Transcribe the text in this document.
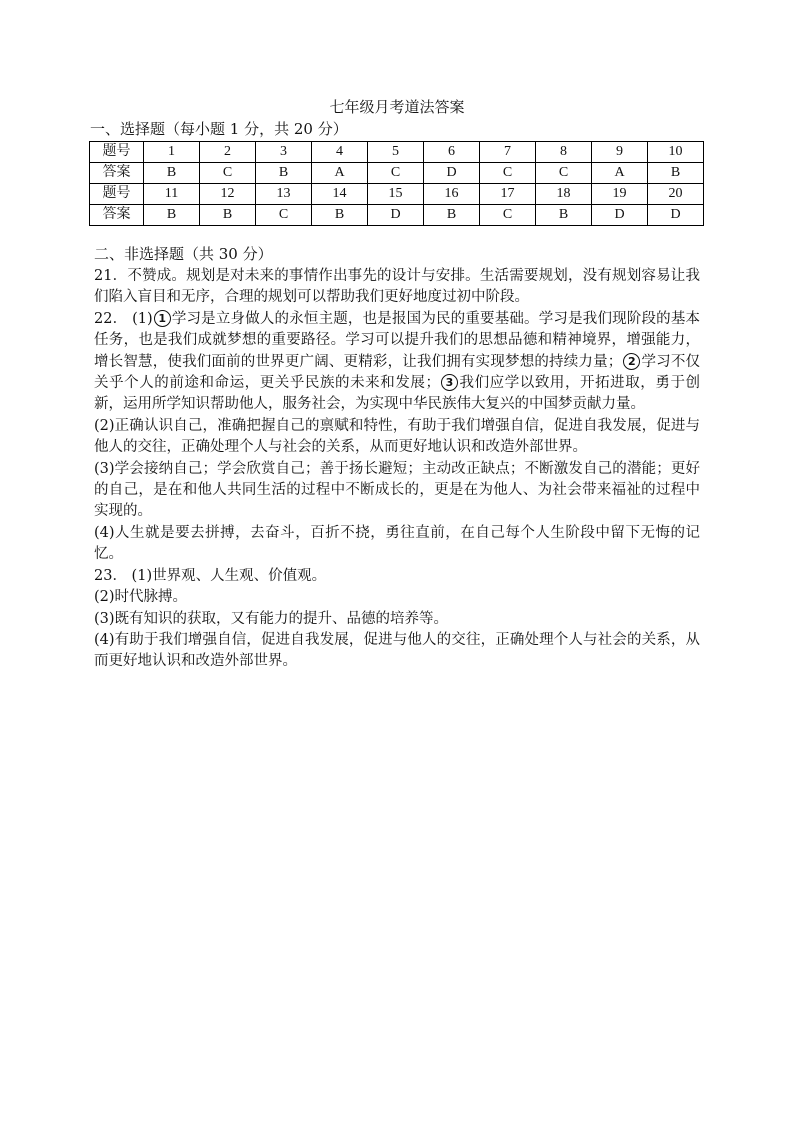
七年级月考道法答案
一、选择题（每小题 1 分，共 20 分）
题号	1	2	3	4	5	6	7	8	9	10
答案	B	C	B	A	C	D	C	C	A	B
题号	11	12	13	14	15	16	17	18	19	20
答案	B	B	C	B	D	B	C	B	D	D
二、非选择题（共 30 分）

21．不赞成。规划是对未来的事情作出事先的设计与安排。生活需要规划，没有规划容易让我们陷入盲目和无序，合理的规划可以帮助我们更好地度过初中阶段。

22． (1) 1 学习是立身做人的永恒主题，也是报国为民的重要基础。学习是我们现阶段的基本任务，也是我们成就梦想的重要路径。学习可以提升我们的思想品德和精神境界，增强能力，增长智慧，使我们面前的世界更广阔、更精彩，让我们拥有实现梦想的持续力量； 2 学习不仅关乎个人的前途和命运，更关乎民族的未来和发展； 3 我们应学以致用，开拓进取，勇于创新，运用所学知识帮助他人，服务社会，为实现中华民族伟大复兴的中国梦贡献力量。

(2)正确认识自己，准确把握自己的禀赋和特性，有助于我们增强自信，促进自我发展，促进与他人的交往，正确处理个人与社会的关系，从而更好地认识和改造外部世界。

(3)学会接纳自己；学会欣赏自己；善于扬长避短；主动改正缺点；不断激发自己的潜能；更好的自己，是在和他人共同生活的过程中不断成长的，更是在为他人、为社会带来福祉的过程中实现的。

(4)人生就是要去拼搏，去奋斗，百折不挠，勇往直前，在自己每个人生阶段中留下无悔的记忆。

23． (1)世界观、人生观、价值观。

(2)时代脉搏。

(3)既有知识的获取，又有能力的提升、品德的培养等。

(4)有助于我们增强自信，促进自我发展，促进与他人的交往，正确处理个人与社会的关系，从而更好地认识和改造外部世界。
